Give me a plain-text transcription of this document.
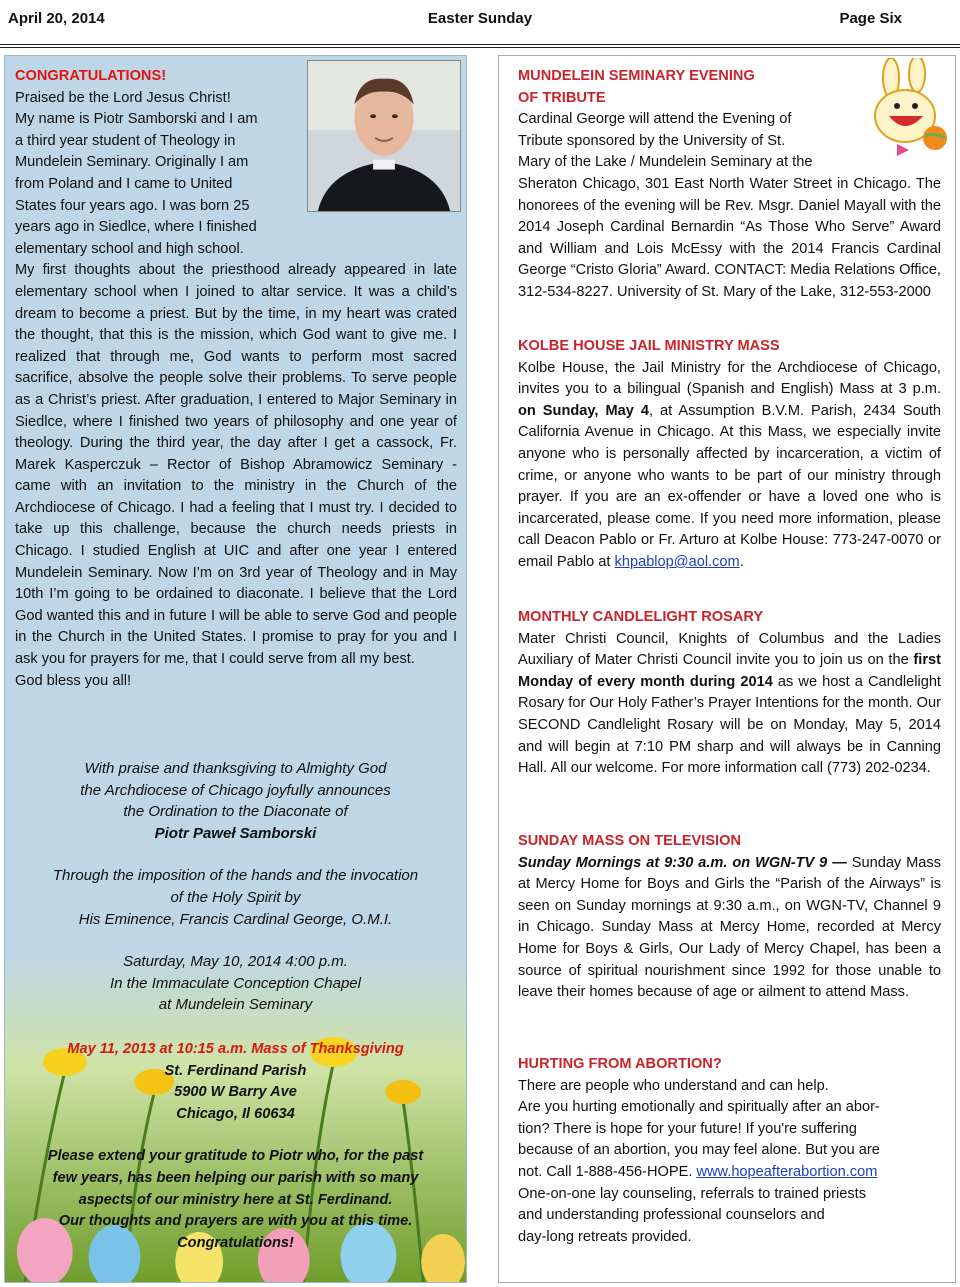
April 20, 2014	Easter Sunday	Page Six
CONGRATULATIONS!
Praised be the Lord Jesus Christ!
My name is Piotr Samborski and I am
a third year student of Theology in
Mundelein Seminary. Originally I am
from Poland and I came to United
States four years ago. I was born 25
years ago in Siedlce, where I finished
elementary school and high school.

My first thoughts about the priesthood already appeared in late elementary school when I joined to altar service. It was a child’s dream to become a priest. But by the time, in my heart was crated the thought, that this is the mission, which God want to give me. I realized that through me, God wants to perform most sacred sacrifice, absolve the people solve their problems. To serve people as a Christ’s priest. After graduation, I entered to Major Seminary in Siedlce, where I finished two years of philosophy and one year of theology. During the third year, the day after I get a cassock, Fr. Marek Kasperczuk – Rector of Bishop Abramowicz Seminary - came with an invitation to the ministry in the Church of the Archdiocese of Chicago. I had a feeling that I must try. I decided to take up this challenge, because the church needs priests in Chicago. I studied English at UIC and after one year I entered Mundelein Seminary. Now I’m on 3rd year of Theology and in May 10th I’m going to be ordained to diaconate. I believe that the Lord God wanted this and in future I will be able to serve God and people in the Church in the United States. I promise to pray for you and I ask you for prayers for me, that I could serve from all my best.

God bless you all!
With praise and thanksgiving to Almighty God
the Archdiocese of Chicago joyfully announces
the Ordination to the Diaconate of
Piotr Paweł Samborski
Through the imposition of the hands and the invocation
of the Holy Spirit by
His Eminence, Francis Cardinal George, O.M.I.
Saturday, May 10, 2014 4:00 p.m.
In the Immaculate Conception Chapel
at Mundelein Seminary
May 11, 2013 at 10:15 a.m. Mass of Thanksgiving
St. Ferdinand Parish
5900 W Barry Ave
Chicago, Il 60634
Please extend your gratitude to Piotr who, for the past
few years, has been helping our parish with so many
aspects of our ministry here at St. Ferdinand.
Our thoughts and prayers are with you at this time.
Congratulations!
MUNDELEIN SEMINARY EVENING
OF TRIBUTE
Cardinal George will attend the Evening of
Tribute sponsored by the University of St.
Mary of the Lake / Mundelein Seminary at the

Sheraton Chicago, 301 East North Water Street in Chicago. The honorees of the evening will be Rev. Msgr. Daniel Mayall with the 2014 Joseph Cardinal Bernardin “As Those Who Serve” Award and William and Lois McEssy with the 2014 Francis Cardinal George “Cristo Gloria” Award. CONTACT: Media Relations Office, 312-534-8227. University of St. Mary of the Lake, 312-553-2000

KOLBE HOUSE JAIL MINISTRY MASS

Kolbe House, the Jail Ministry for the Archdiocese of Chicago, invites you to a bilingual (Spanish and English) Mass at 3 p.m. on Sunday, May 4, at Assumption B.V.M. Parish, 2434 South California Avenue in Chicago. At this Mass, we especially invite anyone who is personally affected by incarceration, a victim of crime, or anyone who wants to be part of our ministry through prayer. If you are an ex-offender or have a loved one who is incarcerated, please come. If you need more information, please call Deacon Pablo or Fr. Arturo at Kolbe House: 773-247-0070 or email Pablo at khpablop@aol.com.

MONTHLY CANDLELIGHT ROSARY

Mater Christi Council, Knights of Columbus and the Ladies Auxiliary of Mater Christi Council invite you to join us on the first Monday of every month during 2014 as we host a Candlelight Rosary for Our Holy Father’s Prayer Intentions for the month. Our SECOND Candlelight Rosary will be on Monday, May 5, 2014 and will begin at 7:10 PM sharp and will always be in Canning Hall. All our welcome. For more information call (773) 202-0234.

SUNDAY MASS ON TELEVISION

Sunday Mornings at 9:30 a.m. on WGN-TV 9 — Sunday Mass at Mercy Home for Boys and Girls the “Parish of the Airways” is seen on Sunday mornings at 9:30 a.m., on WGN-TV, Channel 9 in Chicago. Sunday Mass at Mercy Home, recorded at Mercy Home for Boys & Girls, Our Lady of Mercy Chapel, has been a source of spiritual nourishment since 1992 for those unable to leave their homes because of age or ailment to attend Mass.

HURTING FROM ABORTION?
There are people who understand and can help.
Are you hurting emotionally and spiritually after an abor-
tion? There is hope for your future! If you're suffering
because of an abortion, you may feel alone. But you are
not. Call 1-888-456-HOPE. www.hopeafterabortion.com
One-on-one lay counseling, referrals to trained priests
and understanding professional counselors and
day-long retreats provided.
